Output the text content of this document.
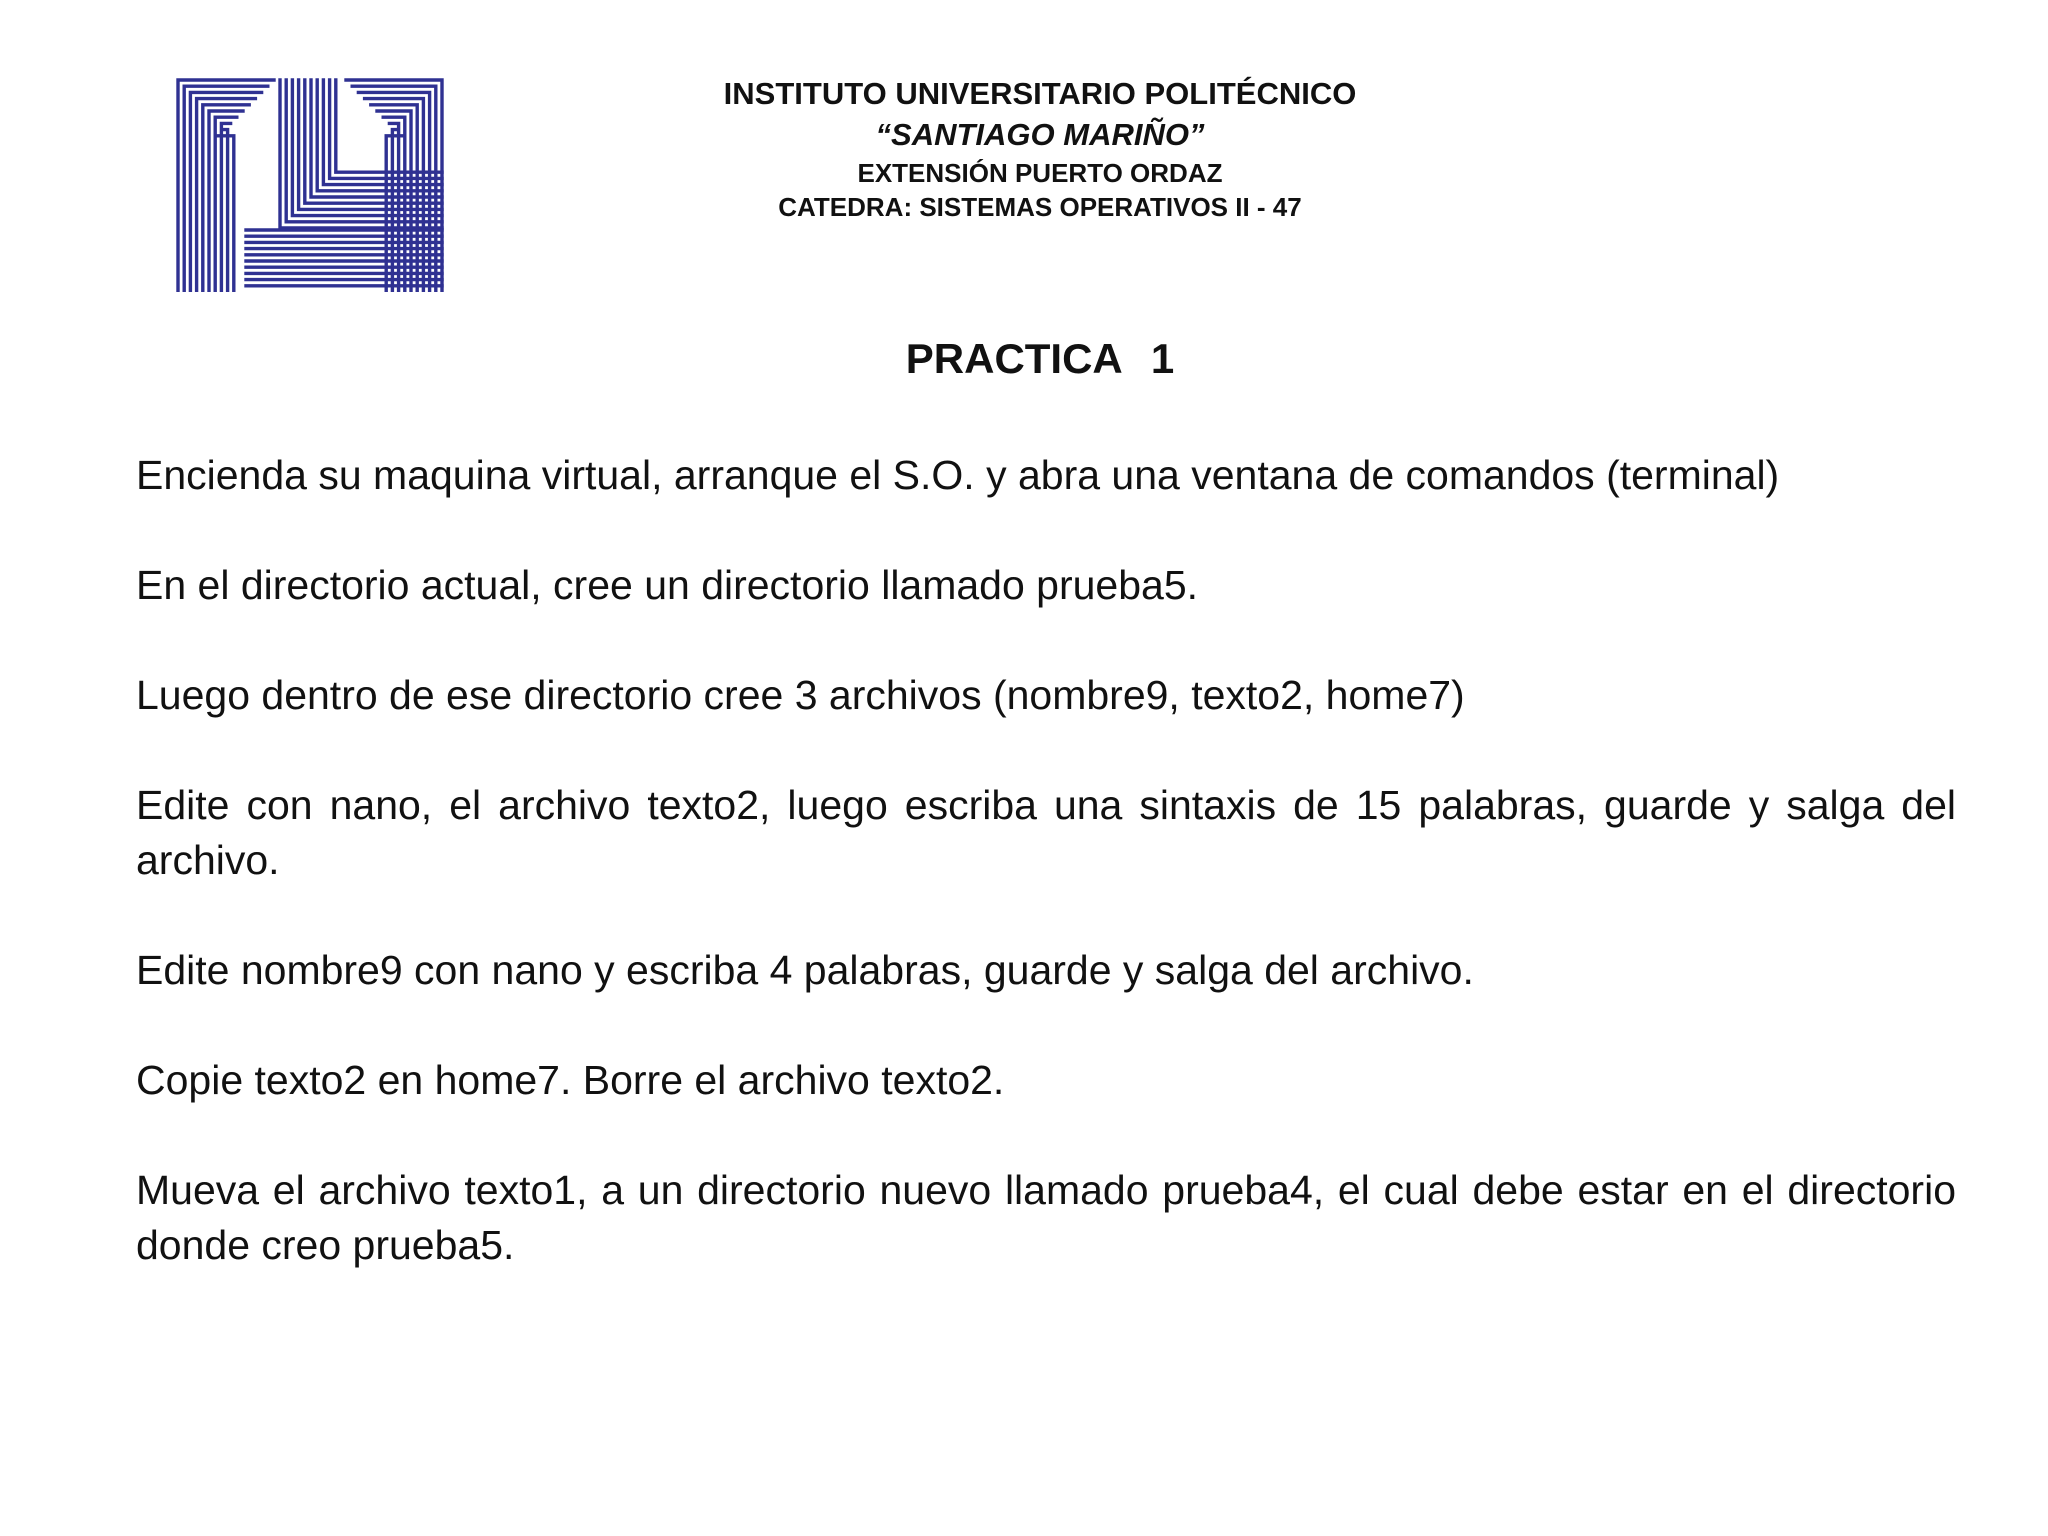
INSTITUTO UNIVERSITARIO POLITÉCNICO
“SANTIAGO MARIÑO”
EXTENSIÓN PUERTO ORDAZ
CATEDRA: SISTEMAS OPERATIVOS II - 47
PRACTICA 1

Encienda su maquina virtual, arranque el S.O. y abra una ventana de comandos (terminal)

En el directorio actual, cree un directorio llamado prueba5.

Luego dentro de ese directorio cree 3 archivos (nombre9, texto2, home7)

Edite con nano, el archivo texto2, luego escriba una sintaxis de 15 palabras, guarde y salga del archivo.

Edite nombre9 con nano y escriba 4 palabras, guarde y salga del archivo.

Copie texto2 en home7. Borre el archivo texto2.

Mueva el archivo texto1, a un directorio nuevo llamado prueba4, el cual debe estar en el directorio donde creo prueba5.
